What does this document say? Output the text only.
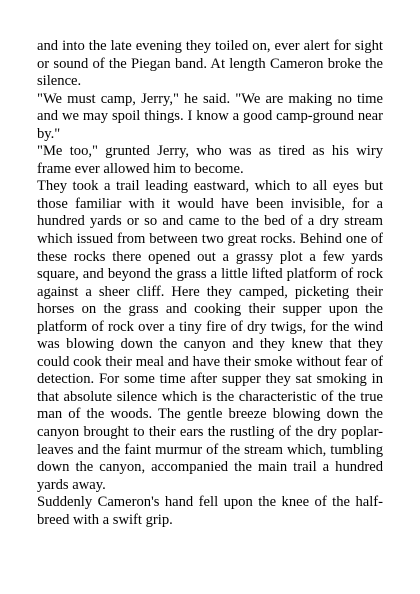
and into the late evening they toiled on, ever alert for sight or sound of the Piegan band. At length Cameron broke the silence.

"We must camp, Jerry," he said. "We are making no time and we may spoil things. I know a good camp-ground near by."

"Me too," grunted Jerry, who was as tired as his wiry frame ever allowed him to become.

They took a trail leading eastward, which to all eyes but those familiar with it would have been invisible, for a hundred yards or so and came to the bed of a dry stream which issued from between two great rocks. Behind one of these rocks there opened out a grassy plot a few yards square, and beyond the grass a little lifted platform of rock against a sheer cliff. Here they camped, picketing their horses on the grass and cooking their supper upon the platform of rock over a tiny fire of dry twigs, for the wind was blowing down the canyon and they knew that they could cook their meal and have their smoke without fear of detection. For some time after supper they sat smoking in that absolute silence which is the characteristic of the true man of the woods. The gentle breeze blowing down the canyon brought to their ears the rustling of the dry poplar-leaves and the faint murmur of the stream which, tumbling down the canyon, accompanied the main trail a hundred yards away.

Suddenly Cameron's hand fell upon the knee of the half-breed with a swift grip.
